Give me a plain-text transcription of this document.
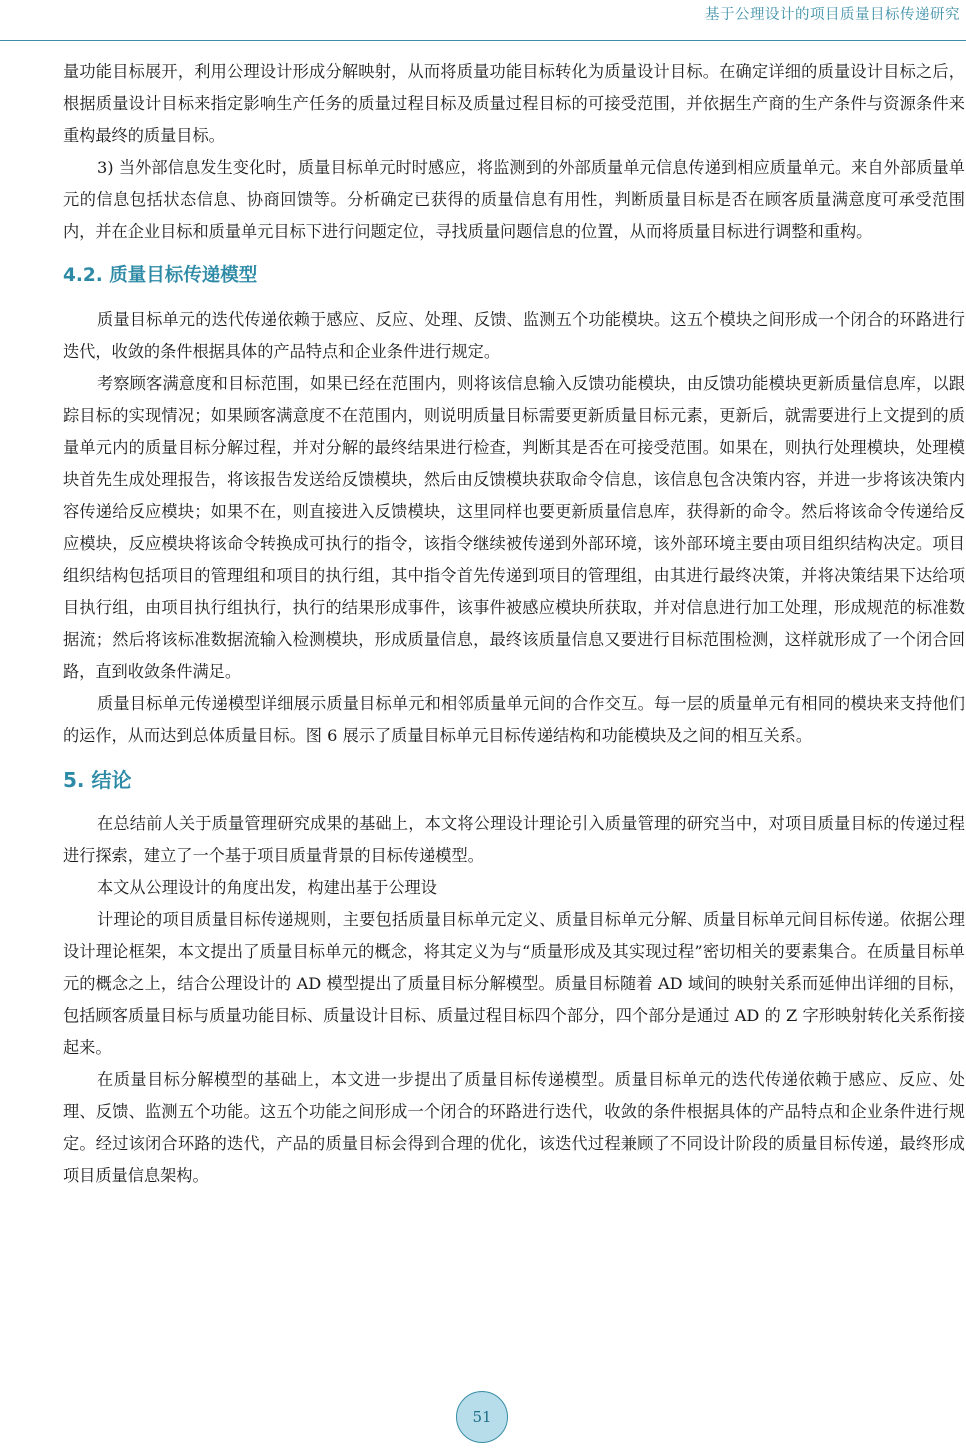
基于公理设计的项目质量目标传递研究

量功能目标展开，利用公理设计形成分解映射，从而将质量功能目标转化为质量设计目标。在确定详细的质量设计目标之后，根据质量设计目标来指定影响生产任务的质量过程目标及质量过程目标的可接受范围，并依据生产商的生产条件与资源条件来重构最终的质量目标。

3) 当外部信息发生变化时，质量目标单元时时感应，将监测到的外部质量单元信息传递到相应质量单元。来自外部质量单元的信息包括状态信息、协商回馈等。分析确定已获得的质量信息有用性，判断质量目标是否在顾客质量满意度可承受范围内，并在企业目标和质量单元目标下进行问题定位，寻找质量问题信息的位置，从而将质量目标进行调整和重构。

4.2. 质量目标传递模型

质量目标单元的迭代传递依赖于感应、反应、处理、反馈、监测五个功能模块。这五个模块之间形成一个闭合的环路进行迭代，收敛的条件根据具体的产品特点和企业条件进行规定。

考察顾客满意度和目标范围，如果已经在范围内，则将该信息输入反馈功能模块，由反馈功能模块更新质量信息库，以跟踪目标的实现情况；如果顾客满意度不在范围内，则说明质量目标需要更新质量目标元素，更新后，就需要进行上文提到的质量单元内的质量目标分解过程，并对分解的最终结果进行检查，判断其是否在可接受范围。如果在，则执行处理模块，处理模块首先生成处理报告，将该报告发送给反馈模块，然后由反馈模块获取命令信息，该信息包含决策内容，并进一步将该决策内容传递给反应模块；如果不在，则直接进入反馈模块，这里同样也要更新质量信息库，获得新的命令。然后将该命令传递给反应模块，反应模块将该命令转换成可执行的指令，该指令继续被传递到外部环境，该外部环境主要由项目组织结构决定。项目组织结构包括项目的管理组和项目的执行组，其中指令首先传递到项目的管理组，由其进行最终决策，并将决策结果下达给项目执行组，由项目执行组执行，执行的结果形成事件，该事件被感应模块所获取，并对信息进行加工处理，形成规范的标准数据流；然后将该标准数据流输入检测模块，形成质量信息，最终该质量信息又要进行目标范围检测，这样就形成了一个闭合回路，直到收敛条件满足。

质量目标单元传递模型详细展示质量目标单元和相邻质量单元间的合作交互。每一层的质量单元有相同的模块来支持他们的运作，从而达到总体质量目标。图 6 展示了质量目标单元目标传递结构和功能模块及之间的相互关系。

5. 结论

在总结前人关于质量管理研究成果的基础上，本文将公理设计理论引入质量管理的研究当中，对项目质量目标的传递过程进行探索，建立了一个基于项目质量背景的目标传递模型。

本文从公理设计的角度出发，构建出基于公理设

计理论的项目质量目标传递规则，主要包括质量目标单元定义、质量目标单元分解、质量目标单元间目标传递。依据公理设计理论框架，本文提出了质量目标单元的概念，将其定义为与“质量形成及其实现过程”密切相关的要素集合。在质量目标单元的概念之上，结合公理设计的 AD 模型提出了质量目标分解模型。质量目标随着 AD 域间的映射关系而延伸出详细的目标，包括顾客质量目标与质量功能目标、质量设计目标、质量过程目标四个部分，四个部分是通过 AD 的 Z 字形映射转化关系衔接起来。

在质量目标分解模型的基础上，本文进一步提出了质量目标传递模型。质量目标单元的迭代传递依赖于感应、反应、处理、反馈、监测五个功能。这五个功能之间形成一个闭合的环路进行迭代，收敛的条件根据具体的产品特点和企业条件进行规定。经过该闭合环路的迭代，产品的质量目标会得到合理的优化，该迭代过程兼顾了不同设计阶段的质量目标传递，最终形成项目质量信息架构。

51
